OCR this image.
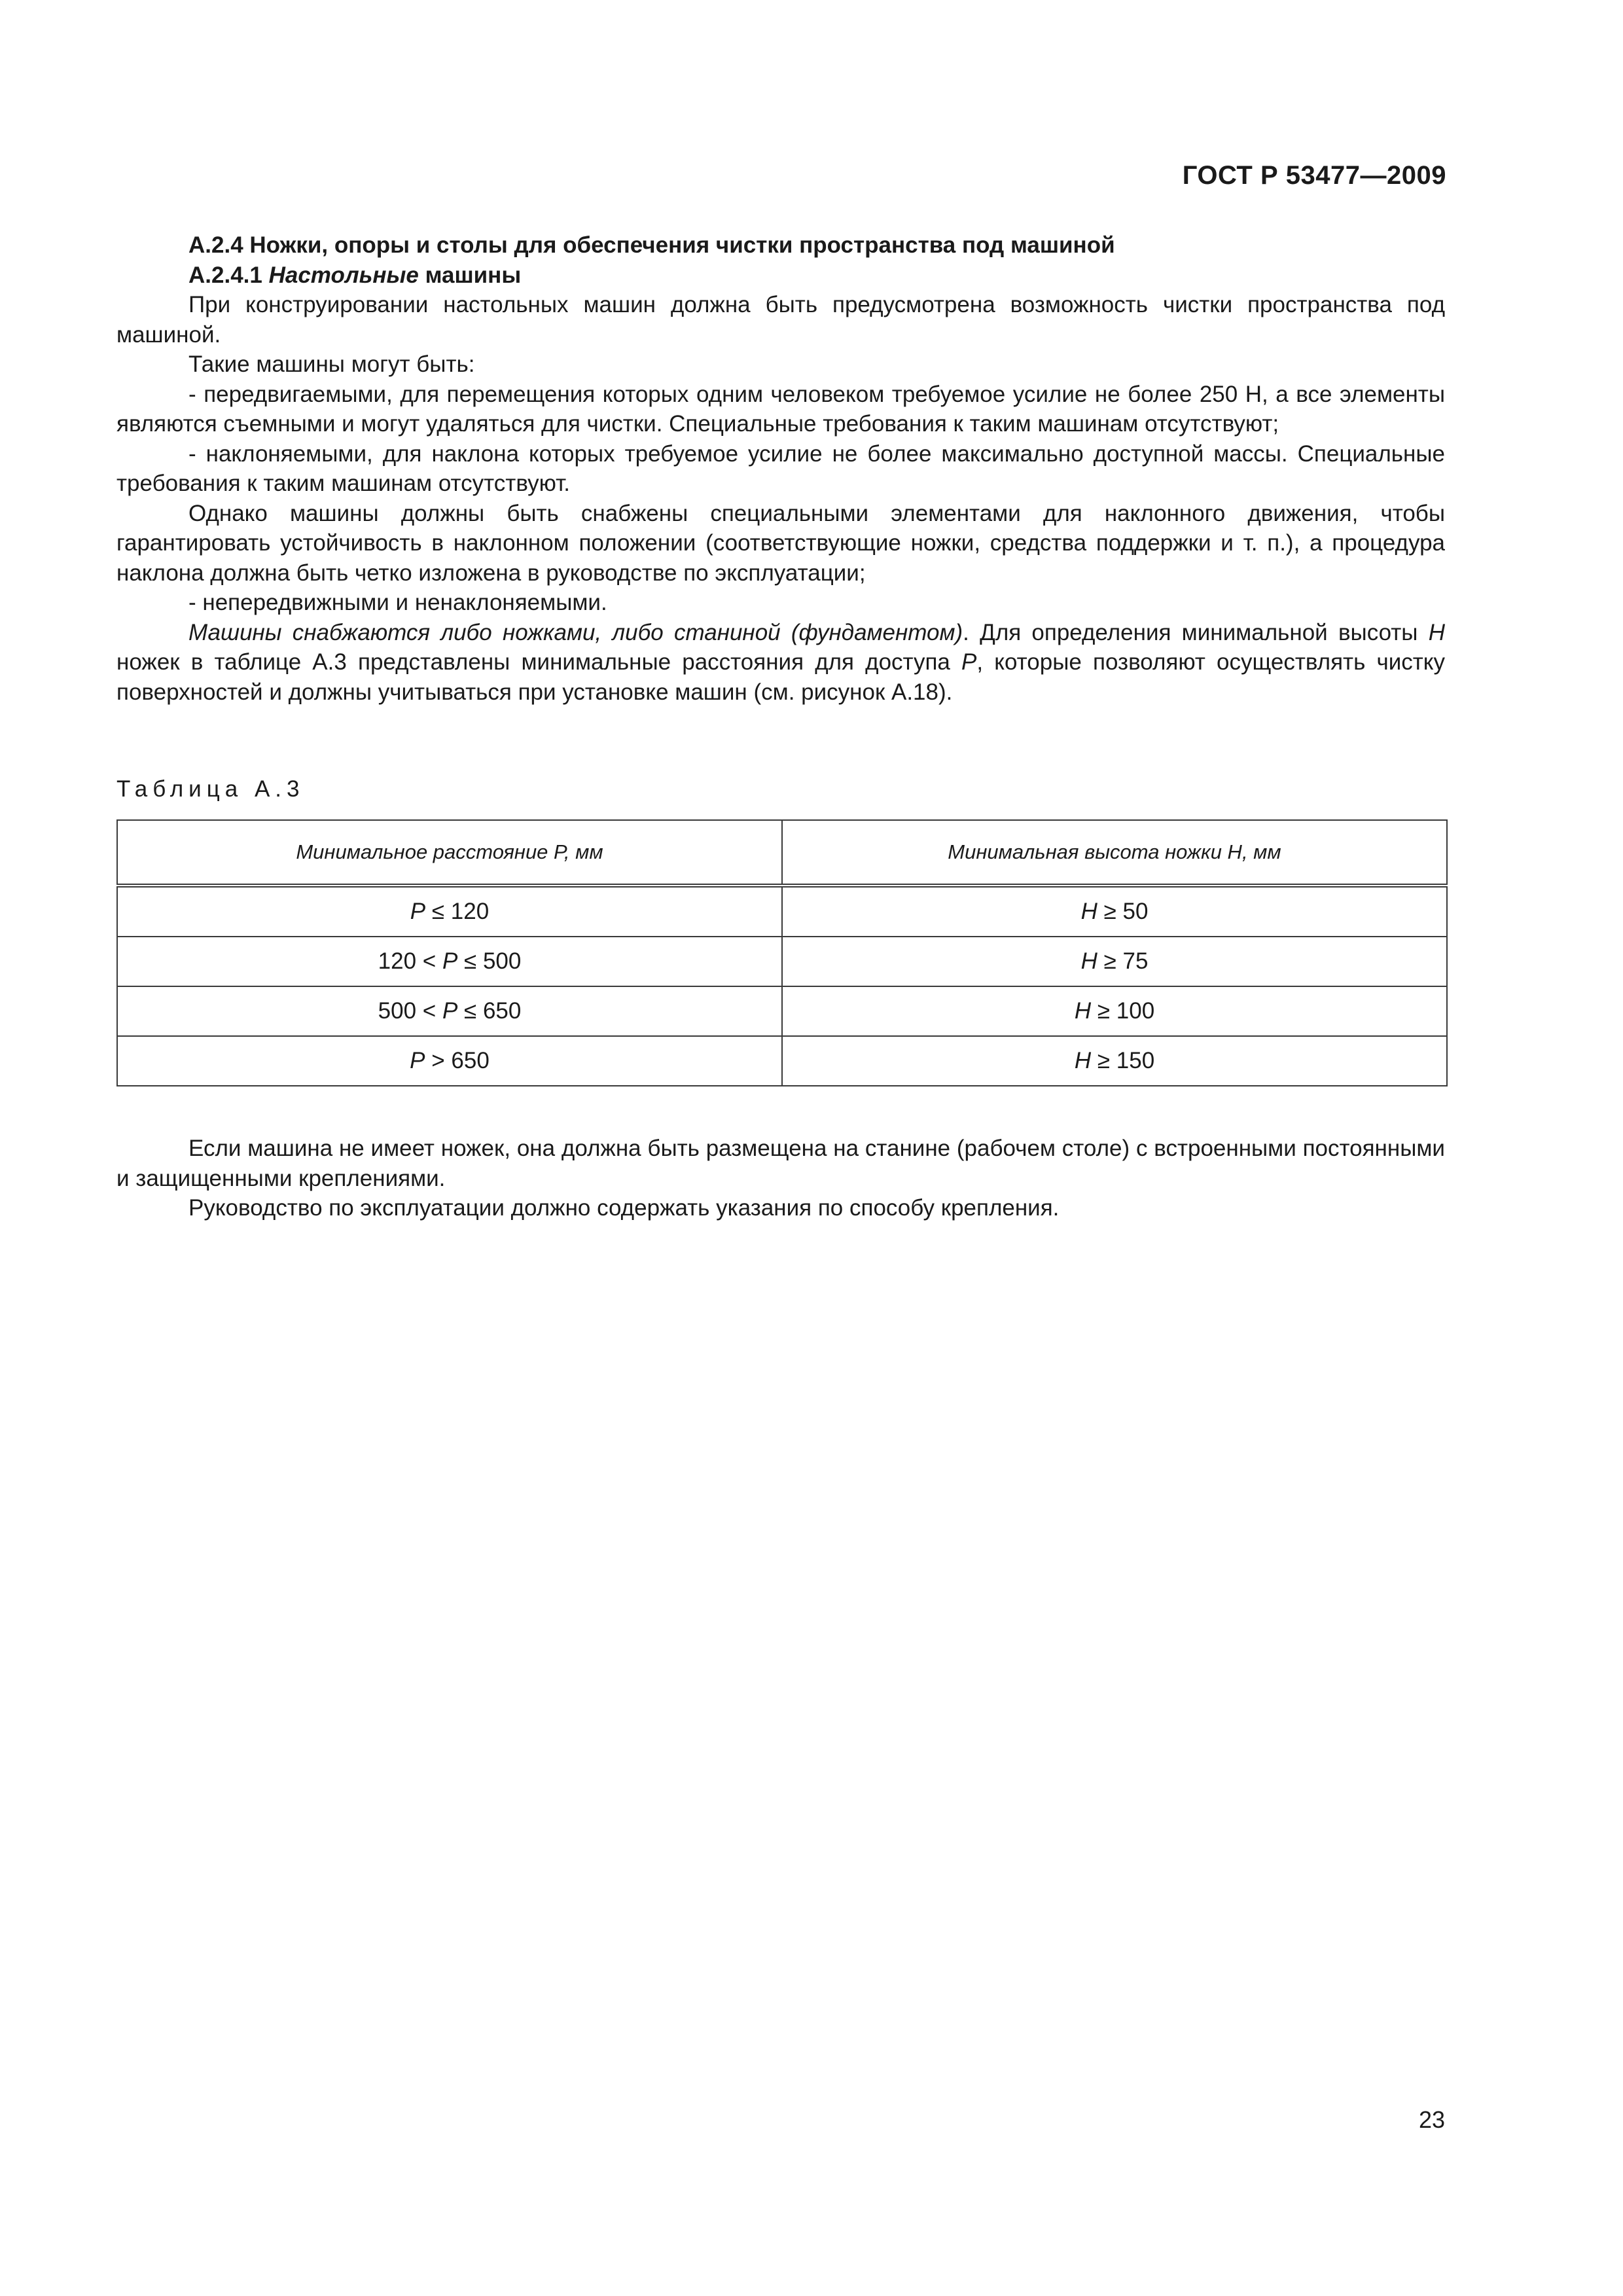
ГОСТ Р 53477—2009

А.2.4 Ножки, опоры и столы для обеспечения чистки пространства под машиной

А.2.4.1 Настольные машины

При конструировании настольных машин должна быть предусмотрена возможность чистки пространства под машиной.

Такие машины могут быть:

- передвигаемыми, для перемещения которых одним человеком требуемое усилие не более 250 Н, а все элементы являются съемными и могут удаляться для чистки. Специальные требования к таким машинам отсутствуют;

- наклоняемыми, для наклона которых требуемое усилие не более максимально доступной массы. Специальные требования к таким машинам отсутствуют.

Однако машины должны быть снабжены специальными элементами для наклонного движения, чтобы гарантировать устойчивость в наклонном положении (соответствующие ножки, средства поддержки и т. п.), а процедура наклона должна быть четко изложена в руководстве по эксплуатации;

- непередвижными и ненаклоняемыми.

Машины снабжаются либо ножками, либо станиной (фундаментом). Для определения минимальной высоты H ножек в таблице А.3 представлены минимальные расстояния для доступа P, которые позволяют осуществлять чистку поверхностей и должны учитываться при установке машин (см. рисунок А.18).

Таблица А.3
Минимальное расстояние Р, мм	Минимальная высота ножки Н, мм
P ≤ 120	H ≥ 50
120 < P ≤ 500	H ≥ 75
500 < P ≤ 650	H ≥ 100
P > 650	H ≥ 150

Если машина не имеет ножек, она должна быть размещена на станине (рабочем столе) с встроенными постоянными и защищенными креплениями.

Руководство по эксплуатации должно содержать указания по способу крепления.

23
